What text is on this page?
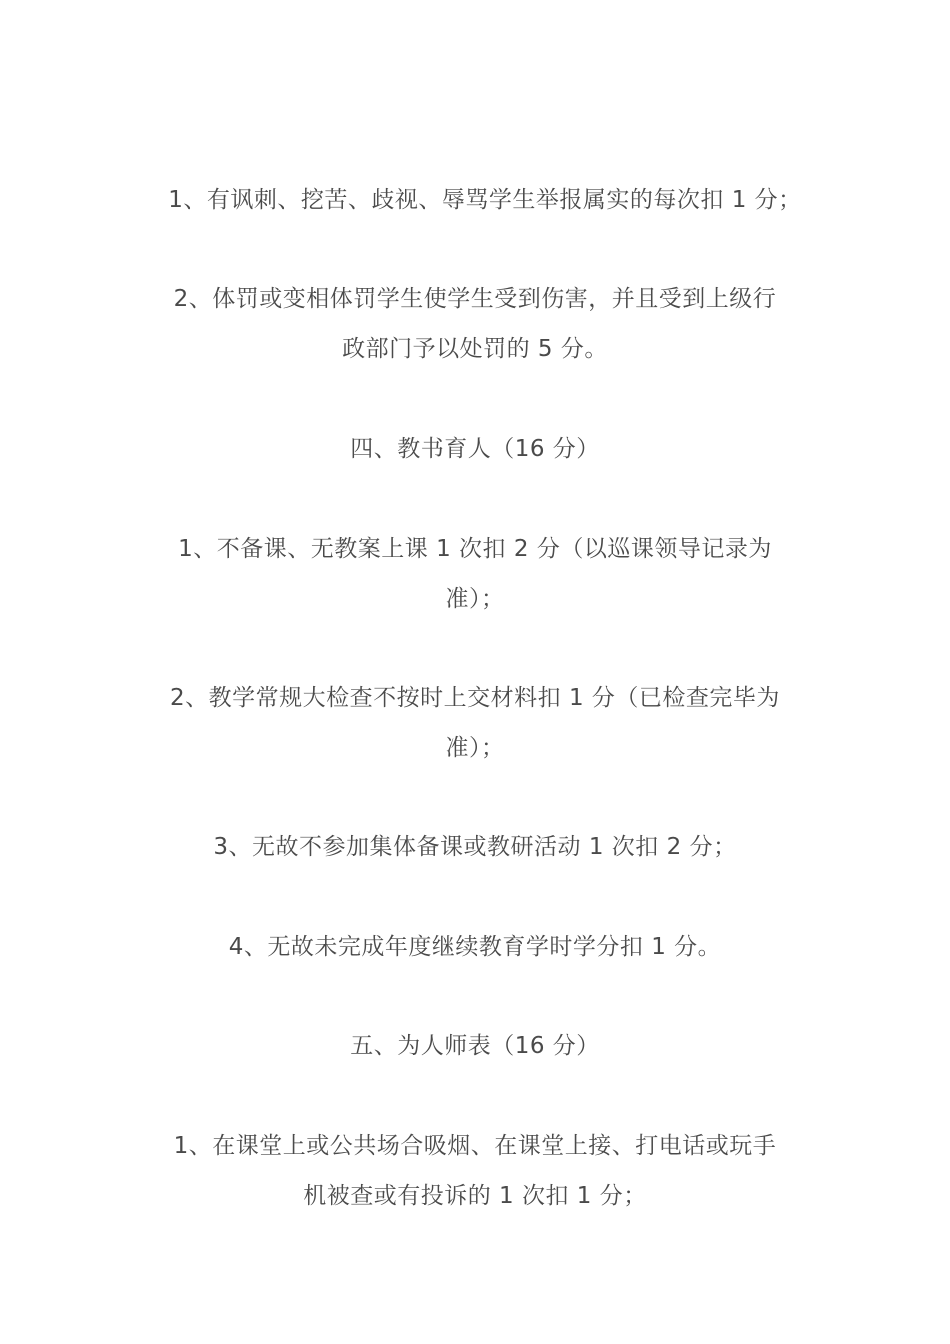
1、有讽刺、挖苦、歧视、辱骂学生举报属实的每次扣 1 分；

2、体罚或变相体罚学生使学生受到伤害，并且受到上级行
政部门予以处罚的 5 分。

四、教书育人（16 分）

1、不备课、无教案上课 1 次扣 2 分（以巡课领导记录为
准）；

2、教学常规大检查不按时上交材料扣 1 分（已检查完毕为
准）；

3、无故不参加集体备课或教研活动 1 次扣 2 分；

4、无故未完成年度继续教育学时学分扣 1 分。

五、为人师表（16 分）

1、在课堂上或公共场合吸烟、在课堂上接、打电话或玩手
机被查或有投诉的 1 次扣 1 分；
